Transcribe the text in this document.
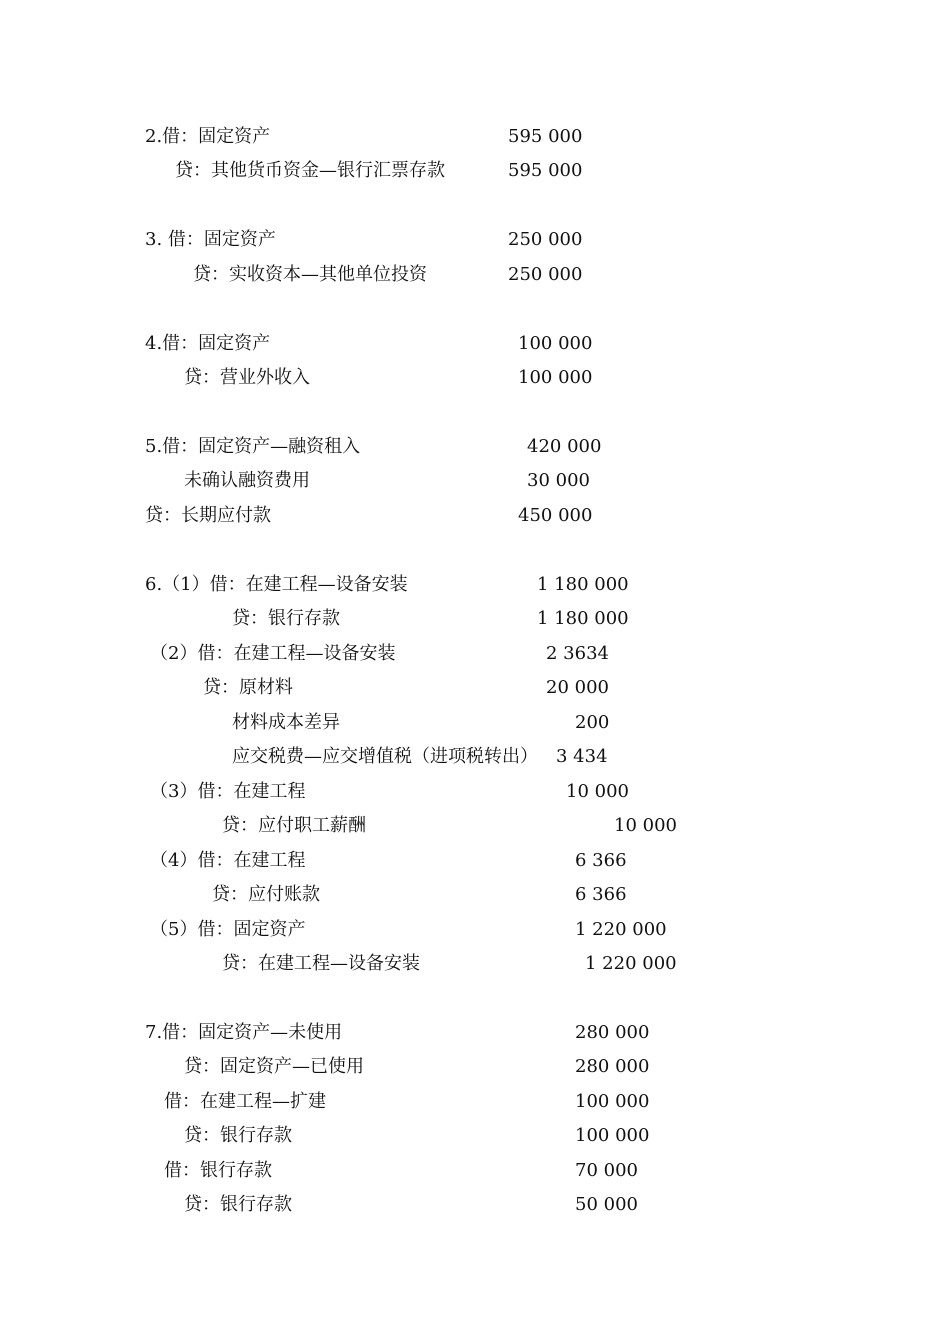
2.借：固定资产	595 000
贷：其他货币资金—银行汇票存款	595 000
3. 借：固定资产	250 000
贷：实收资本—其他单位投资	250 000
4.借：固定资产	100 000
贷：营业外收入	100 000
5.借：固定资产—融资租入	420 000
未确认融资费用	30 000
贷：长期应付款	450 000
6.（1）借：在建工程—设备安装	1 180 000
贷：银行存款	1 180 000
（2）借：在建工程—设备安装	2 3634
贷：原材料	20 000
材料成本差异	200
应交税费—应交增值税（进项税转出） 3 434
（3）借：在建工程	10 000
贷：应付职工薪酬	10 000
（4）借：在建工程	6 366
贷：应付账款	6 366
（5）借：固定资产	1 220 000
贷：在建工程—设备安装	1 220 000
7.借：固定资产—未使用	280 000
贷：固定资产—已使用	280 000
借：在建工程—扩建	100 000
贷：银行存款	100 000
借：银行存款	70 000
贷：银行存款	50 000
